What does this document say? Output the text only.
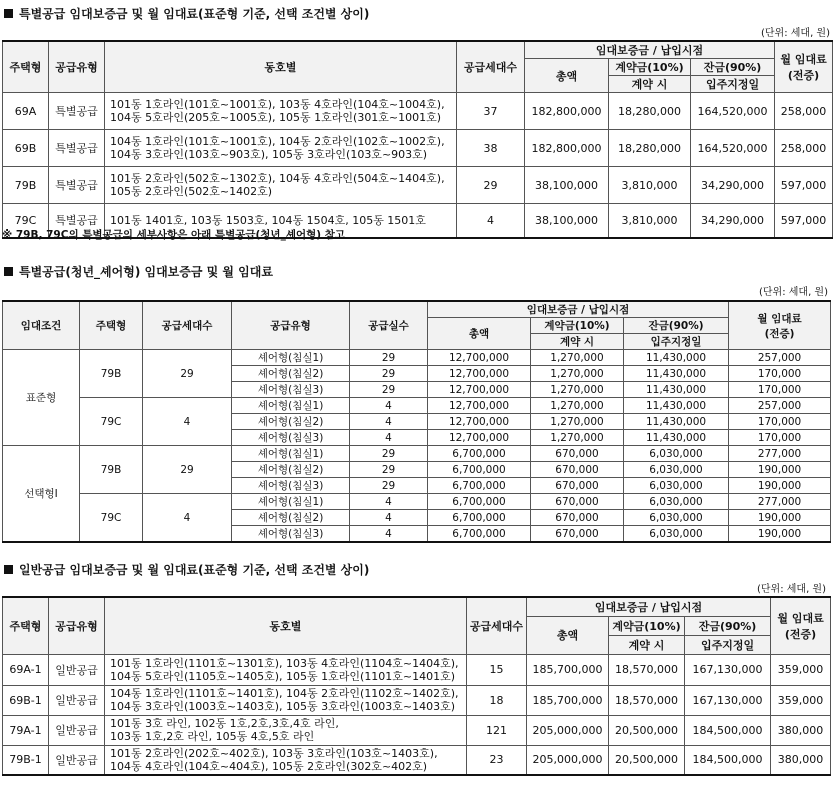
특별공급 임대보증금 및 월 임대료(표준형 기준, 선택 조건별 상이)
(단위: 세대, 원)
주택형	공급유형	동호별	공급세대수	임대보증금 / 납입시점			월 임대료
(전증)

				총액	계약금(10%)	잔금(90%)	
					계약 시	입주지정일	
69A	특별공급	101동 1호라인(101호~1001호), 103동 4호라인(104호~1004호),
104동 5호라인(205호~1005호), 105동 1호라인(301호~1001호)	37	182,800,000	18,280,000	164,520,000	258,000
69B	특별공급	104동 1호라인(101호~1001호), 104동 2호라인(102호~1002호),
104동 3호라인(103호~903호), 105동 3호라인(103호~903호)	38	182,800,000	18,280,000	164,520,000	258,000
79B	특별공급	101동 2호라인(502호~1302호), 104동 4호라인(504호~1404호),
105동 2호라인(502호~1402호)	29	38,100,000	3,810,000	34,290,000	597,000
79C	특별공급	101동 1401호, 103동 1503호, 104동 1504호, 105동 1501호	4	38,100,000	3,810,000	34,290,000	597,000
※ 79B, 79C의 특별공급의 세부사항은 아래 특별공급(청년_셰어형) 참고
특별공급(청년_셰어형) 임대보증금 및 월 임대료
(단위: 세대, 원)
임대조건	주택형	공급세대수	공급유형	공급실수	임대보증금 / 납입시점			월 임대료
(전증)

					총액	계약금(10%)	잔금(90%)	
						계약 시	입주지정일	
표준형	79B	29	셰어형(침실1)	29	12,700,000	1,270,000	11,430,000	257,000
			셰어형(침실2)	29	12,700,000	1,270,000	11,430,000	170,000
			셰어형(침실3)	29	12,700,000	1,270,000	11,430,000	170,000
	79C	4	셰어형(침실1)	4	12,700,000	1,270,000	11,430,000	257,000
			셰어형(침실2)	4	12,700,000	1,270,000	11,430,000	170,000
			셰어형(침실3)	4	12,700,000	1,270,000	11,430,000	170,000
선택형Ⅰ	79B	29	셰어형(침실1)	29	6,700,000	670,000	6,030,000	277,000
			셰어형(침실2)	29	6,700,000	670,000	6,030,000	190,000
			셰어형(침실3)	29	6,700,000	670,000	6,030,000	190,000
	79C	4	셰어형(침실1)	4	6,700,000	670,000	6,030,000	277,000
			셰어형(침실2)	4	6,700,000	670,000	6,030,000	190,000
			셰어형(침실3)	4	6,700,000	670,000	6,030,000	190,000
일반공급 임대보증금 및 월 임대료(표준형 기준, 선택 조건별 상이)
(단위: 세대, 원)
주택형	공급유형	동호별	공급세대수	임대보증금 / 납입시점			월 임대료
(전증)

				총액	계약금(10%)	잔금(90%)	
					계약 시	입주지정일	
69A-1	일반공급	101동 1호라인(1101호~1301호), 103동 4호라인(1104호~1404호),
104동 5호라인(1105호~1405호), 105동 1호라인(1101호~1401호)	15	185,700,000	18,570,000	167,130,000	359,000
69B-1	일반공급	104동 1호라인(1101호~1401호), 104동 2호라인(1102호~1402호),
104동 3호라인(1003호~1403호), 105동 3호라인(1003호~1403호)	18	185,700,000	18,570,000	167,130,000	359,000
79A-1	일반공급	101동 3호 라인, 102동 1호,2호,3호,4호 라인,
103동 1호,2호 라인, 105동 4호,5호 라인	121	205,000,000	20,500,000	184,500,000	380,000
79B-1	일반공급	101동 2호라인(202호~402호), 103동 3호라인(103호~1403호),
104동 4호라인(104호~404호), 105동 2호라인(302호~402호)	23	205,000,000	20,500,000	184,500,000	380,000
